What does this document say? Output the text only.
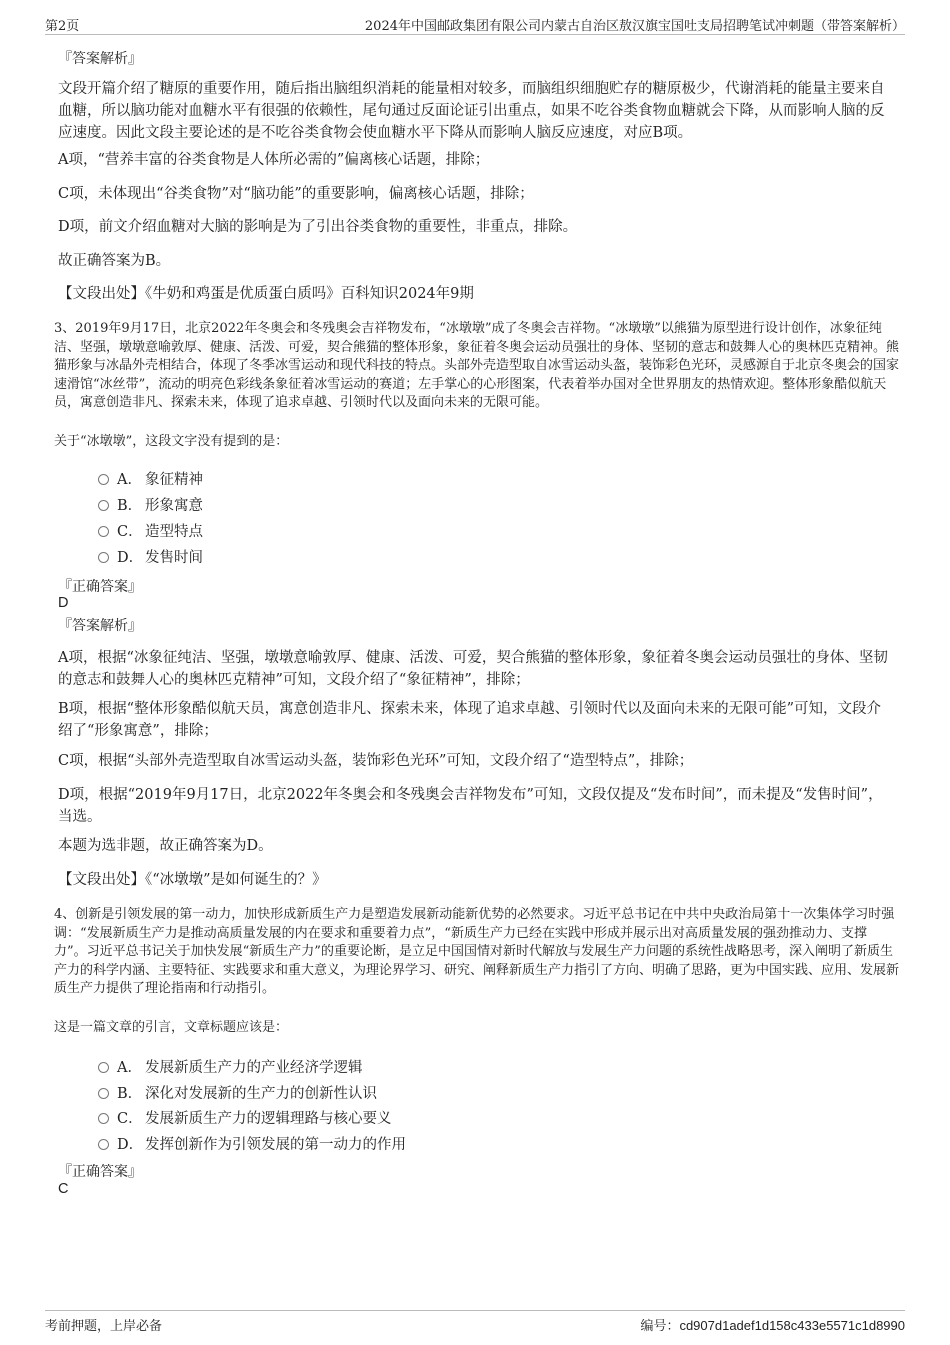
第2页	2024年中国邮政集团有限公司内蒙古自治区敖汉旗宝国吐支局招聘笔试冲刺题（带答案解析）
『答案解析』
文段开篇介绍了糖原的重要作用，随后指出脑组织消耗的能量相对较多，而脑组织细胞贮存的糖原极少，代谢消耗的能量主要来自血糖，所以脑功能对血糖水平有很强的依赖性，尾句通过反面论证引出重点，如果不吃谷类食物血糖就会下降，从而影响人脑的反应速度。因此文段主要论述的是不吃谷类食物会使血糖水平下降从而影响人脑反应速度，对应B项。
A项，“营养丰富的谷类食物是人体所必需的”偏离核心话题，排除；
C项，未体现出“谷类食物”对“脑功能”的重要影响，偏离核心话题，排除；
D项，前文介绍血糖对大脑的影响是为了引出谷类食物的重要性，非重点，排除。
故正确答案为B。
【文段出处】《牛奶和鸡蛋是优质蛋白质吗》百科知识2024年9期
3、2019年9月17日，北京2022年冬奥会和冬残奥会吉祥物发布，“冰墩墩”成了冬奥会吉祥物。“冰墩墩”以熊猫为原型进行设计创作，冰象征纯洁、坚强，墩墩意喻敦厚、健康、活泼、可爱，契合熊猫的整体形象，象征着冬奥会运动员强壮的身体、坚韧的意志和鼓舞人心的奥林匹克精神。熊猫形象与冰晶外壳相结合，体现了冬季冰雪运动和现代科技的特点。头部外壳造型取自冰雪运动头盔，装饰彩色光环，灵感源自于北京冬奥会的国家速滑馆“冰丝带”，流动的明亮色彩线条象征着冰雪运动的赛道；左手掌心的心形图案，代表着举办国对全世界朋友的热情欢迎。整体形象酷似航天员，寓意创造非凡、探索未来，体现了追求卓越、引领时代以及面向未来的无限可能。
关于“冰墩墩”，这段文字没有提到的是：
A． 象征精神
B． 形象寓意
C． 造型特点
D． 发售时间
『正确答案』
D
『答案解析』
A项，根据“冰象征纯洁、坚强，墩墩意喻敦厚、健康、活泼、可爱，契合熊猫的整体形象，象征着冬奥会运动员强壮的身体、坚韧的意志和鼓舞人心的奥林匹克精神”可知，文段介绍了“象征精神”，排除；
B项，根据“整体形象酷似航天员，寓意创造非凡、探索未来，体现了追求卓越、引领时代以及面向未来的无限可能”可知，文段介绍了“形象寓意”，排除；
C项，根据“头部外壳造型取自冰雪运动头盔，装饰彩色光环”可知，文段介绍了“造型特点”，排除；
D项，根据“2019年9月17日，北京2022年冬奥会和冬残奥会吉祥物发布”可知，文段仅提及“发布时间”，而未提及“发售时间”，当选。
本题为选非题，故正确答案为D。
【文段出处】《“冰墩墩”是如何诞生的？》
4、创新是引领发展的第一动力，加快形成新质生产力是塑造发展新动能新优势的必然要求。习近平总书记在中共中央政治局第十一次集体学习时强调：“发展新质生产力是推动高质量发展的内在要求和重要着力点”，“新质生产力已经在实践中形成并展示出对高质量发展的强劲推动力、支撑力”。习近平总书记关于加快发展“新质生产力”的重要论断，是立足中国国情对新时代解放与发展生产力问题的系统性战略思考，深入阐明了新质生产力的科学内涵、主要特征、实践要求和重大意义，为理论界学习、研究、阐释新质生产力指引了方向、明确了思路，更为中国实践、应用、发展新质生产力提供了理论指南和行动指引。
这是一篇文章的引言，文章标题应该是：
A． 发展新质生产力的产业经济学逻辑
B． 深化对发展新的生产力的创新性认识
C． 发展新质生产力的逻辑理路与核心要义
D． 发挥创新作为引领发展的第一动力的作用
『正确答案』
C
考前押题，上岸必备	编号：cd907d1adef1d158c433e5571c1d8990
